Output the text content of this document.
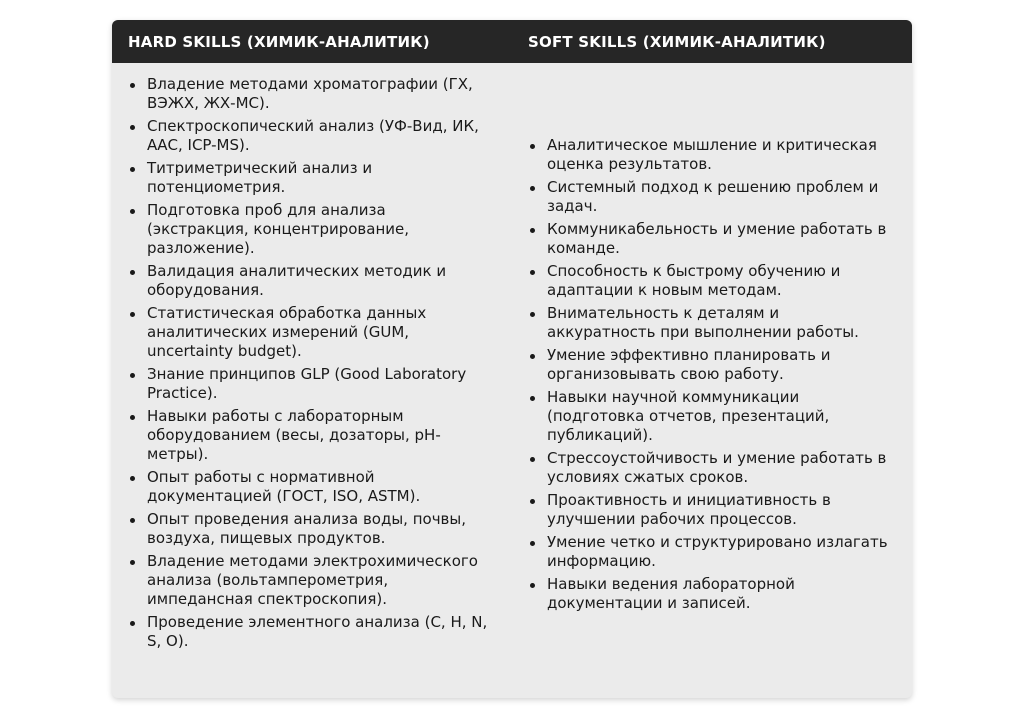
HARD SKILLS (ХИМИК-АНАЛИТИК)	SOFT SKILLS (ХИМИК-АНАЛИТИК)
Владение методами хроматографии (ГХ, ВЭЖХ, ЖХ-МС).
Спектроскопический анализ (УФ-Вид, ИК, ААС, ICP-MS).
Титриметрический анализ и потенциометрия.
Подготовка проб для анализа (экстракция, концентрирование, разложение).
Валидация аналитических методик и оборудования.
Статистическая обработка данных аналитических измерений (GUM, uncertainty budget).
Знание принципов GLP (Good Laboratory Practice).
Навыки работы с лабораторным оборудованием (весы, дозаторы, pH-метры).
Опыт работы с нормативной документацией (ГОСТ, ISO, ASTM).
Опыт проведения анализа воды, почвы, воздуха, пищевых продуктов.
Владение методами электрохимического анализа (вольтамперометрия, импедансная спектроскопия).
Проведение элементного анализа (C, H, N, S, O).
Аналитическое мышление и критическая оценка результатов.
Системный подход к решению проблем и задач.
Коммуникабельность и умение работать в команде.
Способность к быстрому обучению и адаптации к новым методам.
Внимательность к деталям и аккуратность при выполнении работы.
Умение эффективно планировать и организовывать свою работу.
Навыки научной коммуникации (подготовка отчетов, презентаций, публикаций).
Стрессоустойчивость и умение работать в условиях сжатых сроков.
Проактивность и инициативность в улучшении рабочих процессов.
Умение четко и структурировано излагать информацию.
Навыки ведения лабораторной документации и записей.
